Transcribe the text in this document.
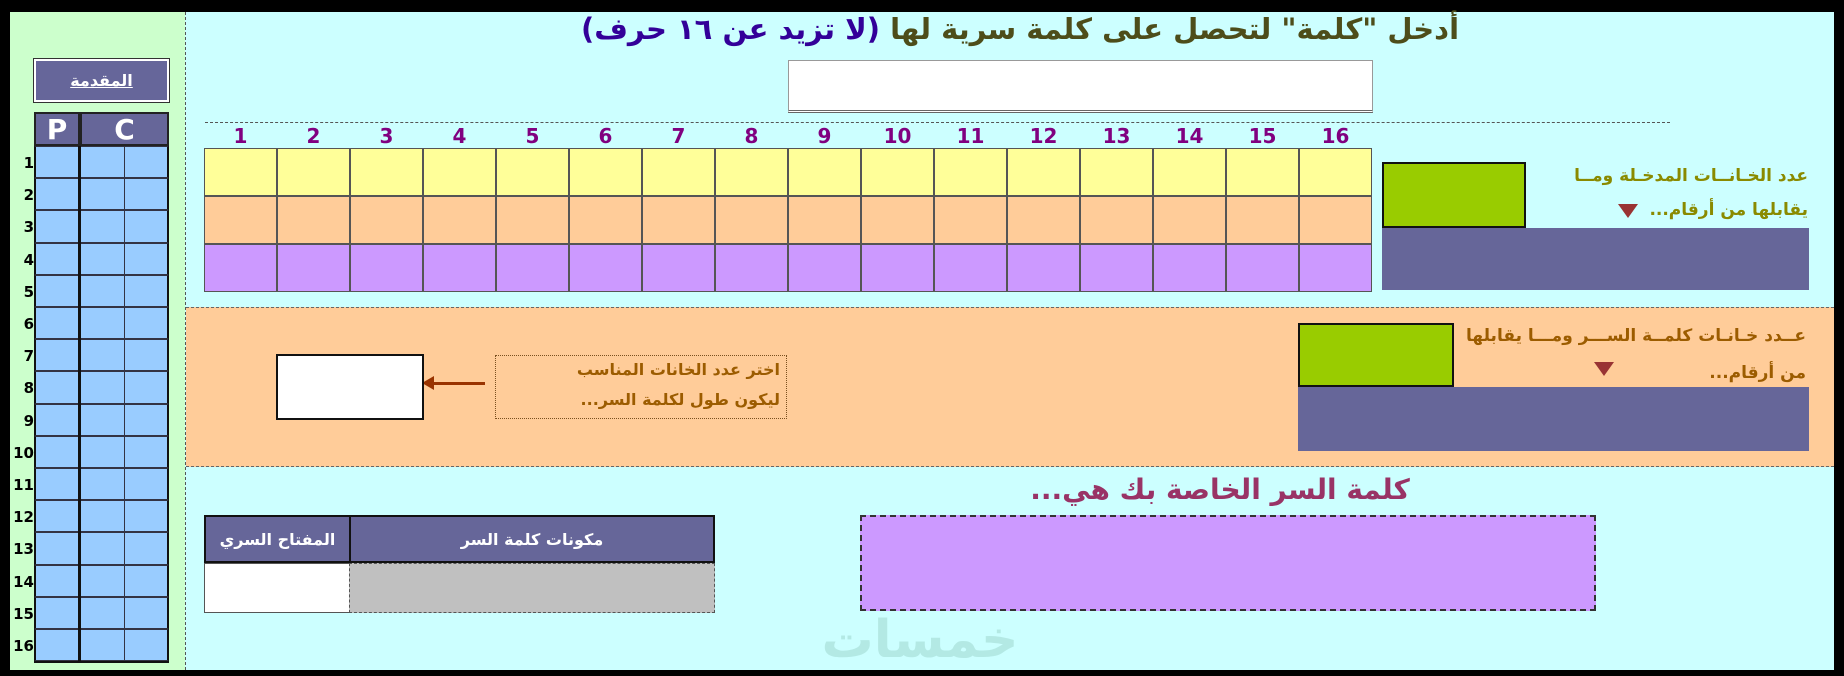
المقدمة
P	C
1
2
3
4
5
6
7
8
9
10
11
12
13
14
15
16
أدخل "كلمة" لتحصل على كلمة سرية لها (لا تزيد عن ١٦ حرف)
1	2	3	4	5	6	7	8	9	10	11	12	13	14	15	16
عدد الخـانــات المدخـلة ومــا
يقابلها من أرقام...
عــدد خـانـات كلمــة الســـر ومـــا يقابلها
من أرقام...
اختر عدد الخانات المناسب
ليكون طول لكلمة السر...
المفتاح السري	مكونات كلمة السر
كلمة السر الخاصة بك هي...
خمسات
